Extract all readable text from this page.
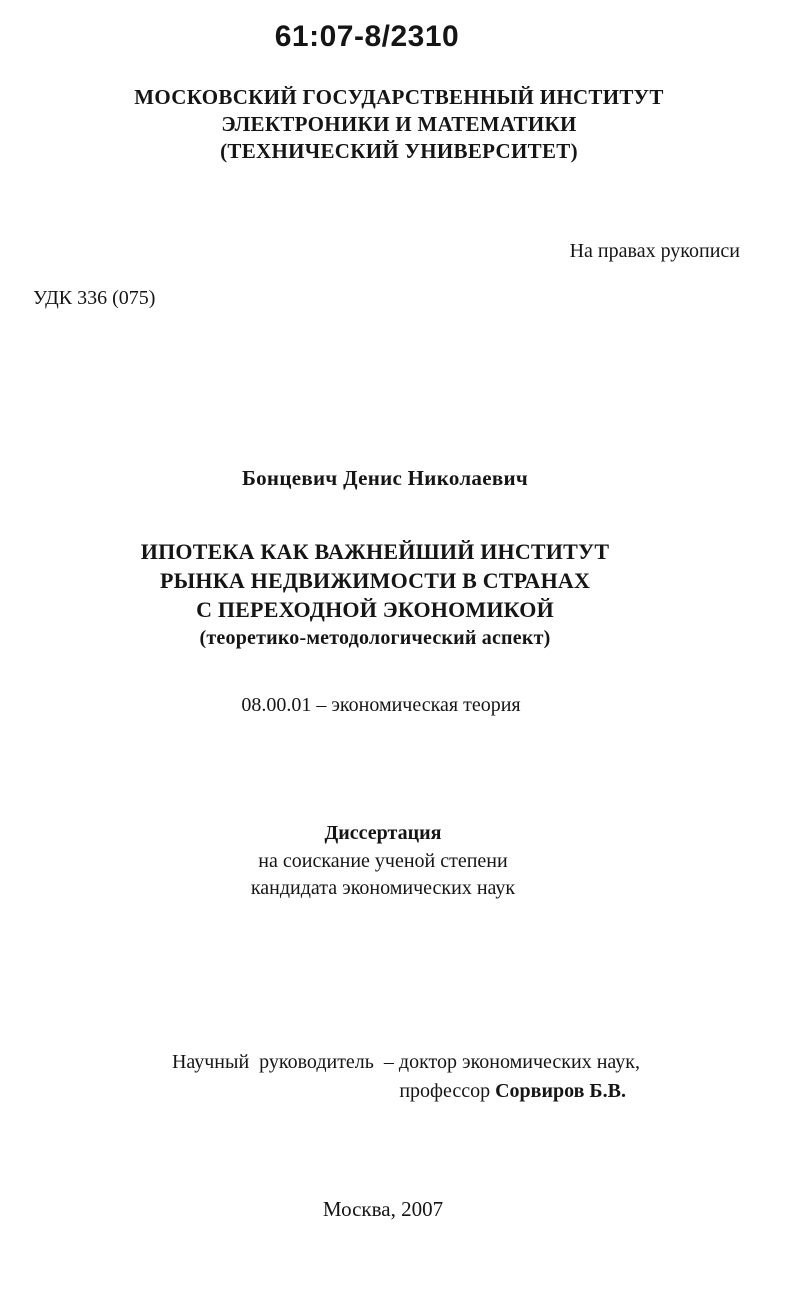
61:07-8/2310
МОСКОВСКИЙ ГОСУДАРСТВЕННЫЙ ИНСТИТУТ
ЭЛЕКТРОНИКИ И МАТЕМАТИКИ
(ТЕХНИЧЕСКИЙ УНИВЕРСИТЕТ)
На правах рукописи
УДК 336 (075)
Бонцевич Денис Николаевич
ИПОТЕКА КАК ВАЖНЕЙШИЙ ИНСТИТУТ
РЫНКА НЕДВИЖИМОСТИ В СТРАНАХ
С ПЕРЕХОДНОЙ ЭКОНОМИКОЙ
(теоретико-методологический аспект)
08.00.01 – экономическая теория
Диссертация
на соискание ученой степени
кандидата экономических наук
Научный  руководитель  – доктор экономических наук,
профессор Сорвиров Б.В.
Москва, 2007
